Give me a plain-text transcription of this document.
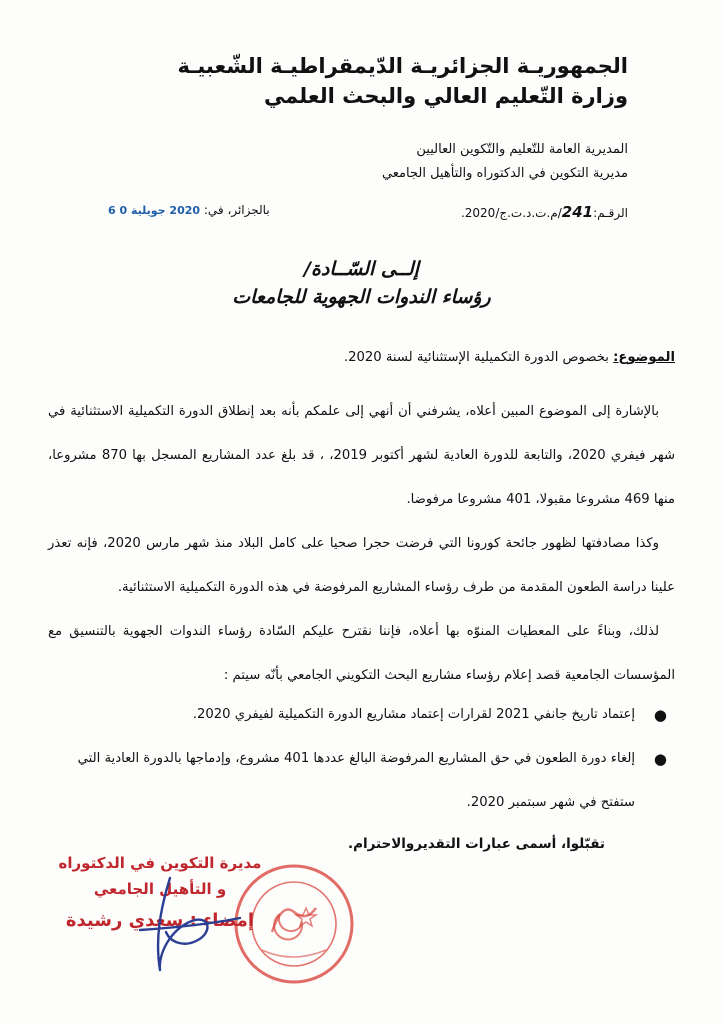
الجمهوريـة الجزائريـة الدّيمقراطيـة الشّعبيـة
وزارة التّعليم العالي والبحث العلمي
المديرية العامة للتّعليم والتّكوين العاليين
مديرية التكوين في الدكتوراه والتأهيل الجامعي
الرقـم:241/م.ت.د.ت.ج/2020.
بالجزائر، في: 2020 جويلية 0 6
إلــى السّــادة/
رؤساء الندوات الجهوية للجامعات
الموضوع: بخصوص الدورة التكميلية الإستثنائية لسنة 2020.

بالإشارة إلى الموضوع المبين أعلاه، يشرفني أن أنهي إلى علمكم بأنه بعد إنطلاق الدورة التكميلية الاستثنائية في شهر فيفري 2020، والتابعة للدورة العادية لشهر أكتوبر 2019، ، قد بلغ عدد المشاريع المسجل بها 870 مشروعا، منها 469 مشروعا مقبولا، 401 مشروعا مرفوضا.

وكذا مصادفتها لظهور جائحة كورونا التي فرضت حجرا صحيا على كامل البلاد منذ شهر مارس 2020، فإنه تعذر علينا دراسة الطعون المقدمة من طرف رؤساء المشاريع المرفوضة في هذه الدورة التكميلية الاستثنائية.

لذلك، وبناءً على المعطيات المنوّه بها أعلاه، فإننا نقترح عليكم السّادة رؤساء الندوات الجهوية بالتنسيق مع المؤسسات الجامعية قصد إعلام رؤساء مشاريع البحث التكويني الجامعي بأنّه سيتم :

●
إعتماد تاريخ جانفي 2021 لقرارات إعتماد مشاريع الدورة التكميلية لفيفري 2020.
●
إلغاء دورة الطعون في حق المشاريع المرفوضة البالغ عددها 401 مشروع، وإدماجها بالدورة العادية التي ستفتح في شهر سبتمبر 2020.
تقبّلوا، أسمى عبارات التقديروالاحترام.
مديرة التكوين في الدكتوراه
و التأهيل الجامعي
إمضاء : سعدي رشيدة
